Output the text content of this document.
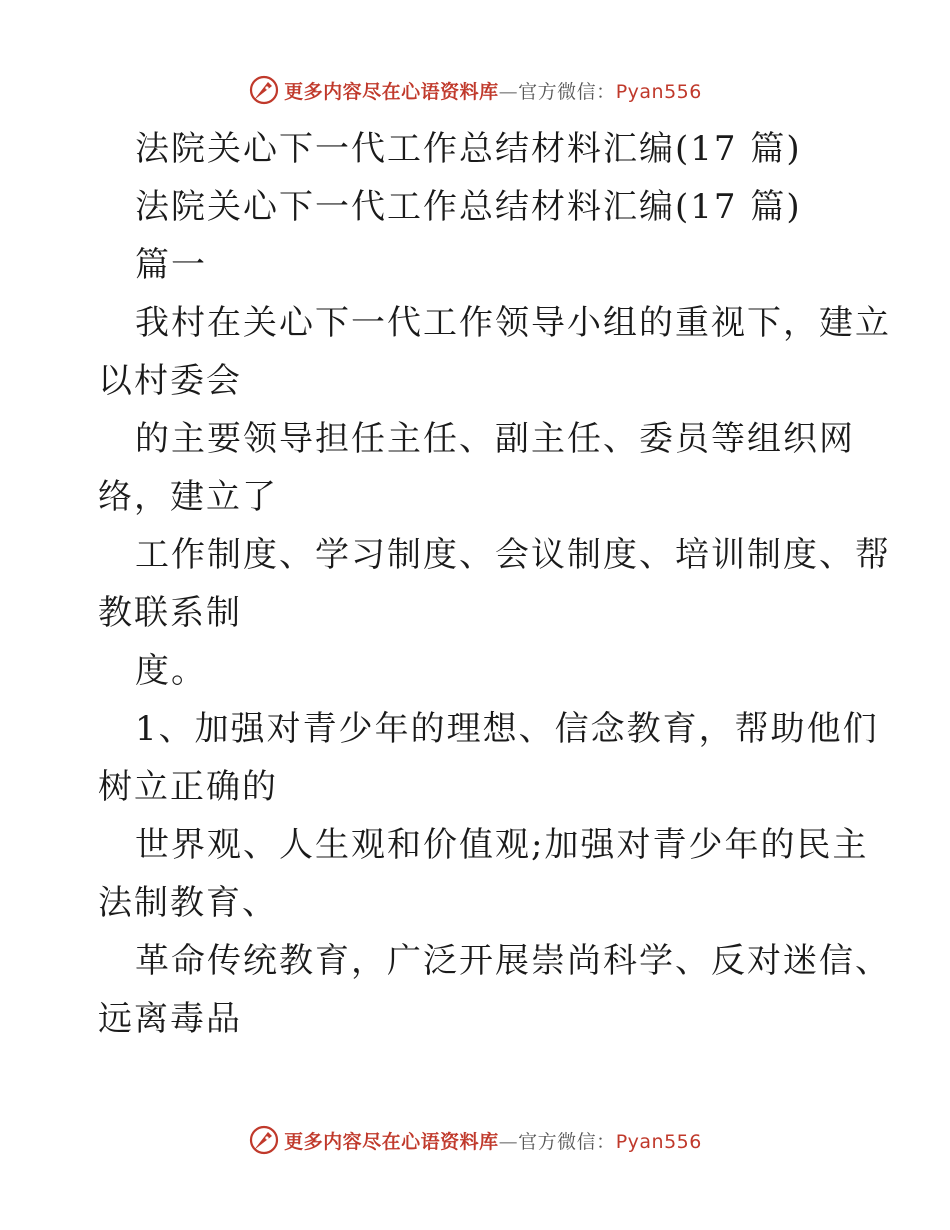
更多内容尽在心语资料库—官方微信：Pyan556
法院关心下一代工作总结材料汇编(17 篇)
法院关心下一代工作总结材料汇编(17 篇)
篇一
我村在关心下一代工作领导小组的重视下，建立
以村委会
的主要领导担任主任、副主任、委员等组织网
络，建立了
工作制度、学习制度、会议制度、培训制度、帮
教联系制
度。
1、加强对青少年的理想、信念教育，帮助他们
树立正确的
世界观、人生观和价值观;加强对青少年的民主
法制教育、
革命传统教育，广泛开展崇尚科学、反对迷信、
远离毒品
更多内容尽在心语资料库—官方微信：Pyan556
